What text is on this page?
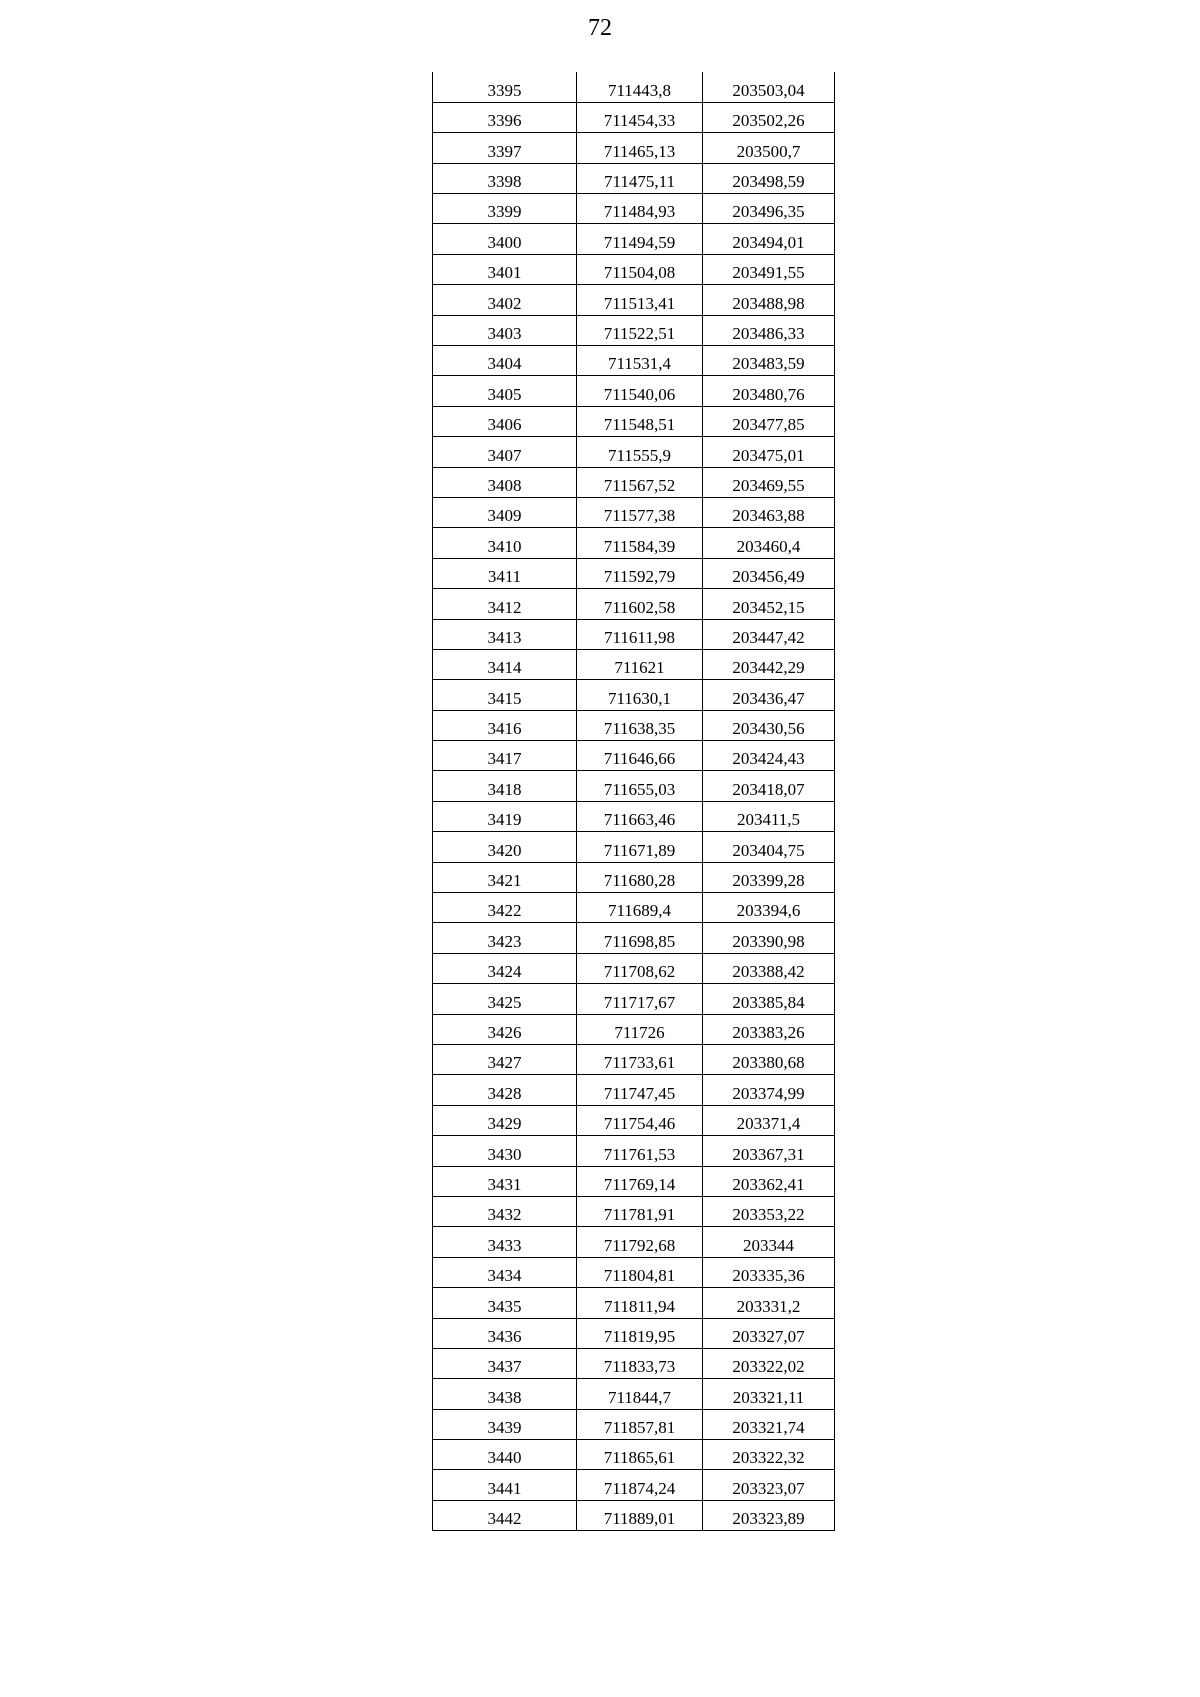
72
3395	711443,8	203503,04
3396	711454,33	203502,26
3397	711465,13	203500,7
3398	711475,11	203498,59
3399	711484,93	203496,35
3400	711494,59	203494,01
3401	711504,08	203491,55
3402	711513,41	203488,98
3403	711522,51	203486,33
3404	711531,4	203483,59
3405	711540,06	203480,76
3406	711548,51	203477,85
3407	711555,9	203475,01
3408	711567,52	203469,55
3409	711577,38	203463,88
3410	711584,39	203460,4
3411	711592,79	203456,49
3412	711602,58	203452,15
3413	711611,98	203447,42
3414	711621	203442,29
3415	711630,1	203436,47
3416	711638,35	203430,56
3417	711646,66	203424,43
3418	711655,03	203418,07
3419	711663,46	203411,5
3420	711671,89	203404,75
3421	711680,28	203399,28
3422	711689,4	203394,6
3423	711698,85	203390,98
3424	711708,62	203388,42
3425	711717,67	203385,84
3426	711726	203383,26
3427	711733,61	203380,68
3428	711747,45	203374,99
3429	711754,46	203371,4
3430	711761,53	203367,31
3431	711769,14	203362,41
3432	711781,91	203353,22
3433	711792,68	203344
3434	711804,81	203335,36
3435	711811,94	203331,2
3436	711819,95	203327,07
3437	711833,73	203322,02
3438	711844,7	203321,11
3439	711857,81	203321,74
3440	711865,61	203322,32
3441	711874,24	203323,07
3442	711889,01	203323,89
